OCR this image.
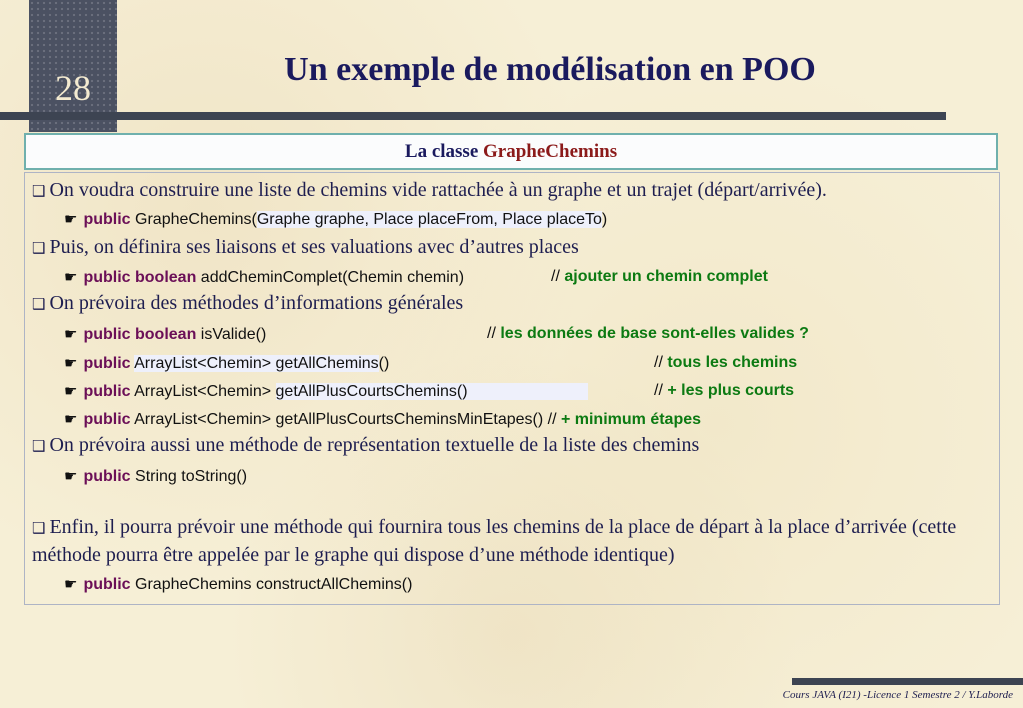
28	Un exemple de modélisation en POO
La classe GrapheChemins
❑ On voudra construire une liste de chemins vide rattachée à un graphe et un trajet (départ/arrivée).
☛ public GrapheChemins(Graphe graphe, Place placeFrom, Place placeTo)
❑ Puis, on définira ses liaisons et ses valuations avec d’autres places
☛ public boolean addCheminComplet(Chemin chemin)	// ajouter un chemin complet
❑ On prévoira des méthodes d’informations générales
☛ public boolean isValide()	// les données de base sont-elles valides ?
☛ public ArrayList<Chemin> getAllChemins()	// tous les chemins
☛ public ArrayList<Chemin> getAllPlusCourtsChemins()	// + les plus courts
☛ public ArrayList<Chemin> getAllPlusCourtsCheminsMinEtapes() // + minimum étapes
❑ On prévoira aussi une méthode de représentation textuelle de la liste des chemins
☛ public String toString()
❑ Enfin, il pourra prévoir une méthode qui fournira tous les chemins de la place de départ à la place d’arrivée (cette méthode pourra être appelée par le graphe qui dispose d’une méthode identique)
☛ public GrapheChemins constructAllChemins()
Cours JAVA (I21) -Licence 1 Semestre 2 / Y.Laborde
